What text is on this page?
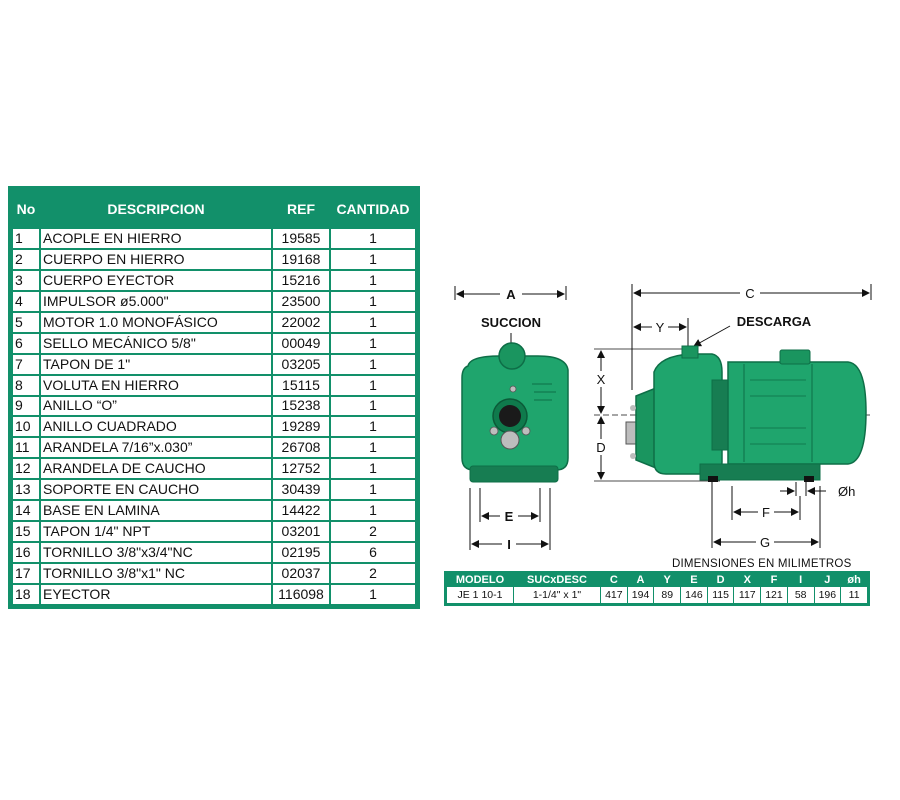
No	DESCRIPCION	REF	CANTIDAD
1	ACOPLE EN HIERRO	19585	1
2	CUERPO EN HIERRO	19168	1
3	CUERPO EYECTOR	15216	1
4	IMPULSOR ø5.000"	23500	1
5	MOTOR 1.0 MONOFÁSICO	22002	1
6	SELLO MECÁNICO 5/8"	00049	1
7	TAPON DE 1"	03205	1
8	VOLUTA EN HIERRO	15115	1
9	ANILLO “O”	15238	1
10	ANILLO CUADRADO	19289	1
11	ARANDELA 7/16”x.030”	26708	1
12	ARANDELA DE CAUCHO	12752	1
13	SOPORTE EN CAUCHO	30439	1
14	BASE EN LAMINA	14422	1
15	TAPON 1/4" NPT	03201	2
16	TORNILLO 3/8"x3/4"NC	02195	6
17	TORNILLO 3/8"x1" NC	02037	2
18	EYECTOR	116098	1
A
SUCCION
E
I
C
Y	DESCARGA
X
D
Øh
F
G
DIMENSIONES EN MILIMETROS
MODELO	SUCxDESC	C	A	Y	E	D	X	F	I	J	øh
JE 1 10-1	1-1/4" x 1"	417	194	89	146	115	117	121	58	196	11
